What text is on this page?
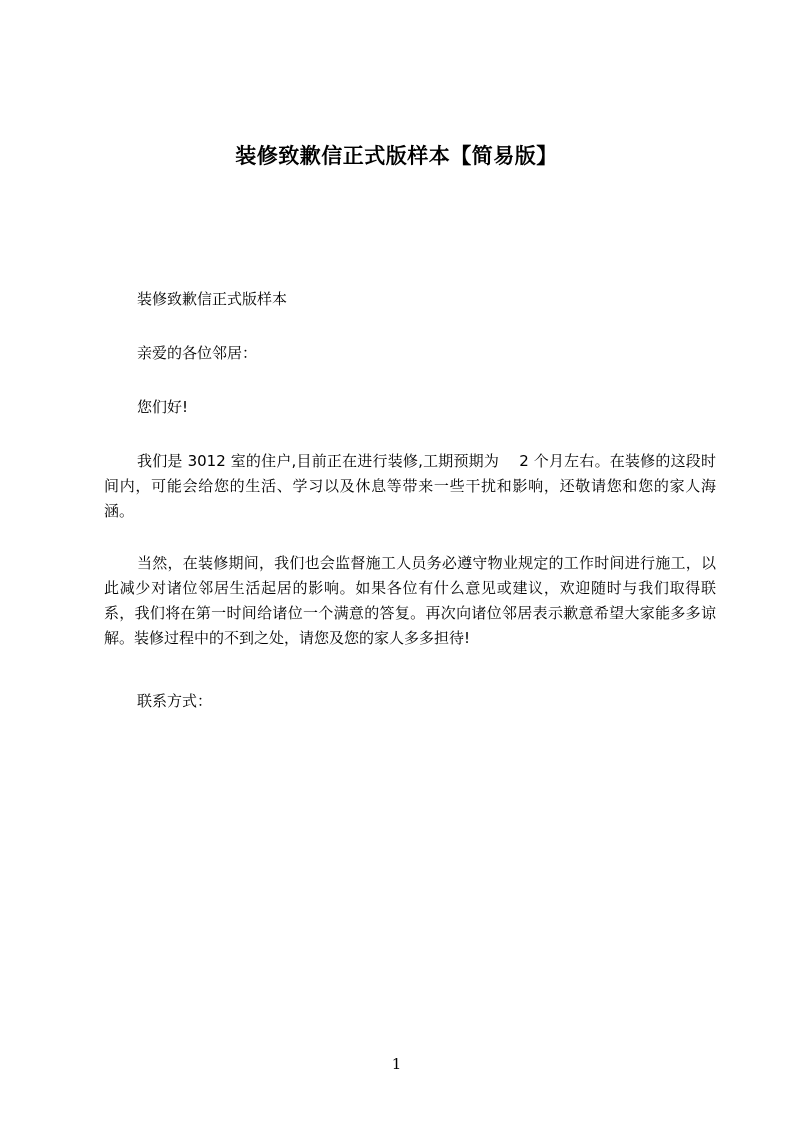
装修致歉信正式版样本【简易版】

装修致歉信正式版样本

亲爱的各位邻居：

您们好!

我们是 3012 室的住户,目前正在进行装修,工期预期为　 2 个月左右。在装修的这段时间内，可能会给您的生活、学习以及休息等带来一些干扰和影响，还敬请您和您的家人海涵。

当然，在装修期间，我们也会监督施工人员务必遵守物业规定的工作时间进行施工，以此减少对诸位邻居生活起居的影响。如果各位有什么意见或建议，欢迎随时与我们取得联系，我们将在第一时间给诸位一个满意的答复。再次向诸位邻居表示歉意希望大家能多多谅解。装修过程中的不到之处，请您及您的家人多多担待!

联系方式：

1
